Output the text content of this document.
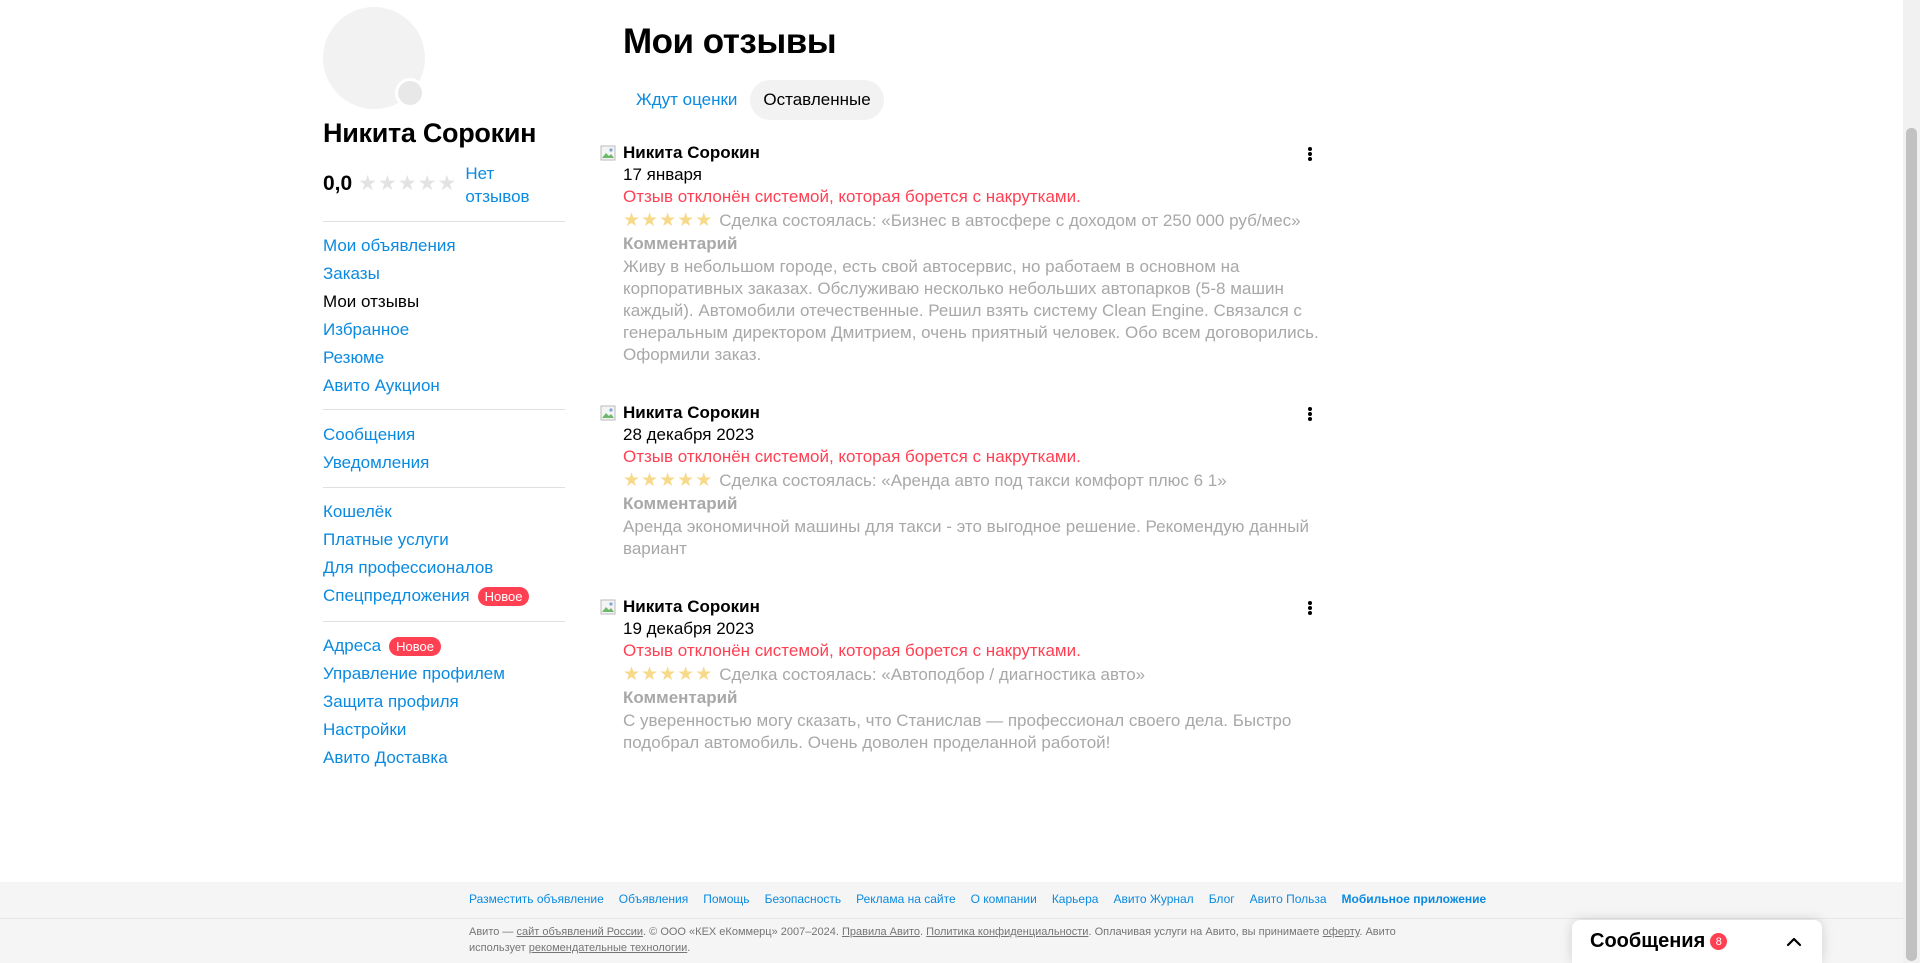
Никита Сорокин
0,0 ★★★★★ Нет отзывов
Мои объявления
Заказы
Мои отзывы
Избранное
Резюме
Авито Аукцион
Сообщения
Уведомления
Кошелёк
Платные услуги
Для профессионалов
Спецпредложения	Новое
Адреса	Новое
Управление профилем
Защита профиля
Настройки
Авито Доставка
Мои отзывы
Ждут оценки	Оставленные
Никита Сорокин
17 января
Отзыв отклонён системой, которая борется с накрутками.
★★★★★ Сделка состоялась: «Бизнес в автосфере с доходом от 250 000 руб/мес»
Комментарий
Живу в небольшом городе, есть свой автосервис, но работаем в основном на корпоративных заказах. Обслуживаю несколько небольших автопарков (5-8 машин каждый). Автомобили отечественные. Решил взять систему Clean Engine. Связался с генеральным директором Дмитрием, очень приятный человек. Обо всем договорились. Оформили заказ.
Никита Сорокин
28 декабря 2023
Отзыв отклонён системой, которая борется с накрутками.
★★★★★ Сделка состоялась: «Аренда авто под такси комфорт плюс 6 1»
Комментарий
Аренда экономичной машины для такси - это выгодное решение. Рекомендую данный вариант
Никита Сорокин
19 декабря 2023
Отзыв отклонён системой, которая борется с накрутками.
★★★★★ Сделка состоялась: «Автоподбор / диагностика авто»
Комментарий
С уверенностью могу сказать, что Станислав — профессионал своего дела. Быстро подобрал автомобиль. Очень доволен проделанной работой!
Разместить объявление Объявления Помощь Безопасность Реклама на сайте О компании Карьера Авито Журнал Блог Авито Польза Мобильное приложение
Авито — сайт объявлений России. © ООО «КЕХ еКоммерц» 2007–2024. Правила Авито. Политика конфиденциальности. Оплачивая услуги на Авито, вы принимаете оферту. Авито использует рекомендательные технологии.	Сообщения 8
